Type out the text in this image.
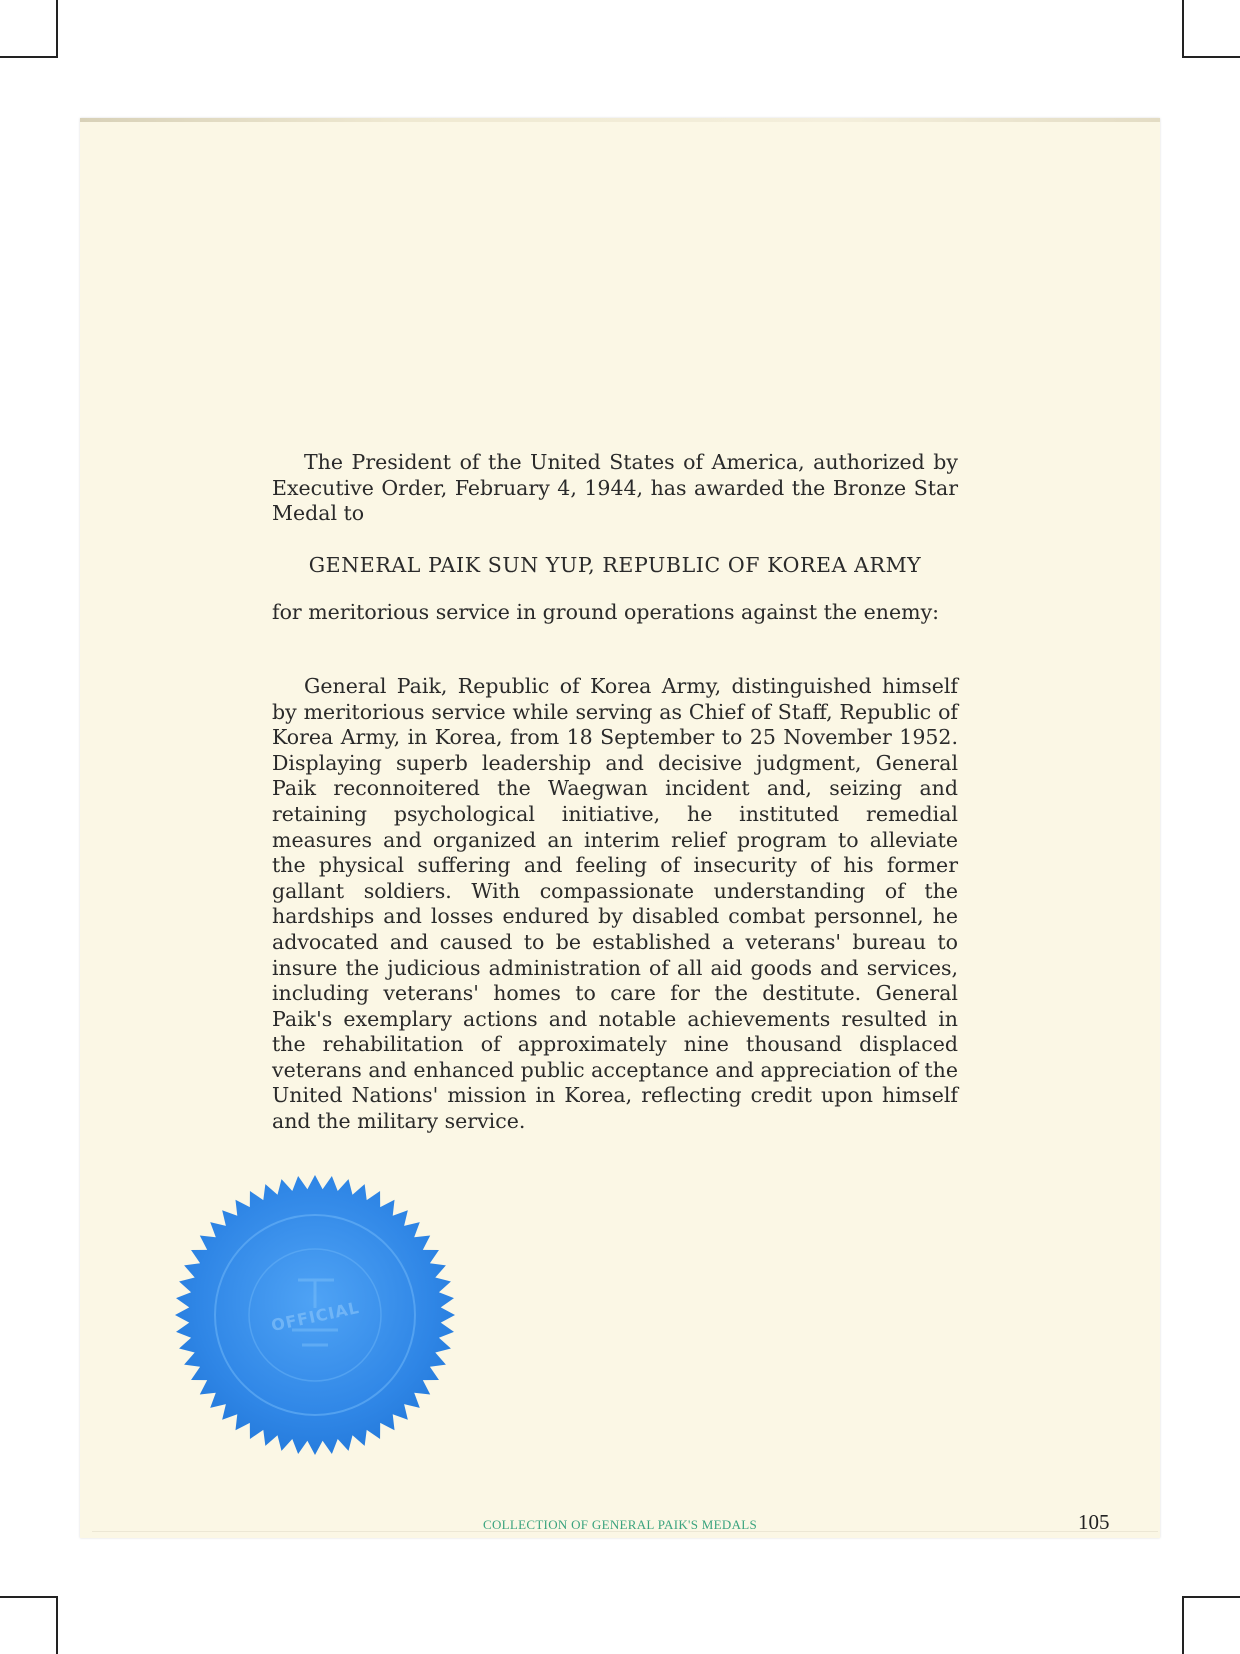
The President of the United States of America, authorized by Executive Order, February 4, 1944, has awarded the Bronze Star Medal to

GENERAL PAIK SUN YUP, REPUBLIC OF KOREA ARMY

for meritorious service in ground operations against the enemy:

General Paik, Republic of Korea Army, distinguished himself by meritorious service while serving as Chief of Staff, Republic of Korea Army, in Korea, from 18 September to 25 November 1952. Displaying superb leadership and decisive judgment, General Paik reconnoitered the Waegwan incident and, seizing and retaining psychological initiative, he instituted remedial measures and organized an interim relief program to alleviate the physical suffering and feeling of insecurity of his former gallant soldiers. With compassionate understanding of the hardships and losses endured by disabled combat personnel, he advocated and caused to be established a veterans' bureau to insure the judicious administration of all aid goods and services, including veterans' homes to care for the destitute. General Paik's exemplary actions and notable achievements resulted in the rehabilitation of approximately nine thousand displaced veterans and enhanced public acceptance and appreciation of the United Nations' mission in Korea, reflecting credit upon himself and the military service.

OFFICIAL
COLLECTION OF GENERAL PAIK'S MEDALS	105
